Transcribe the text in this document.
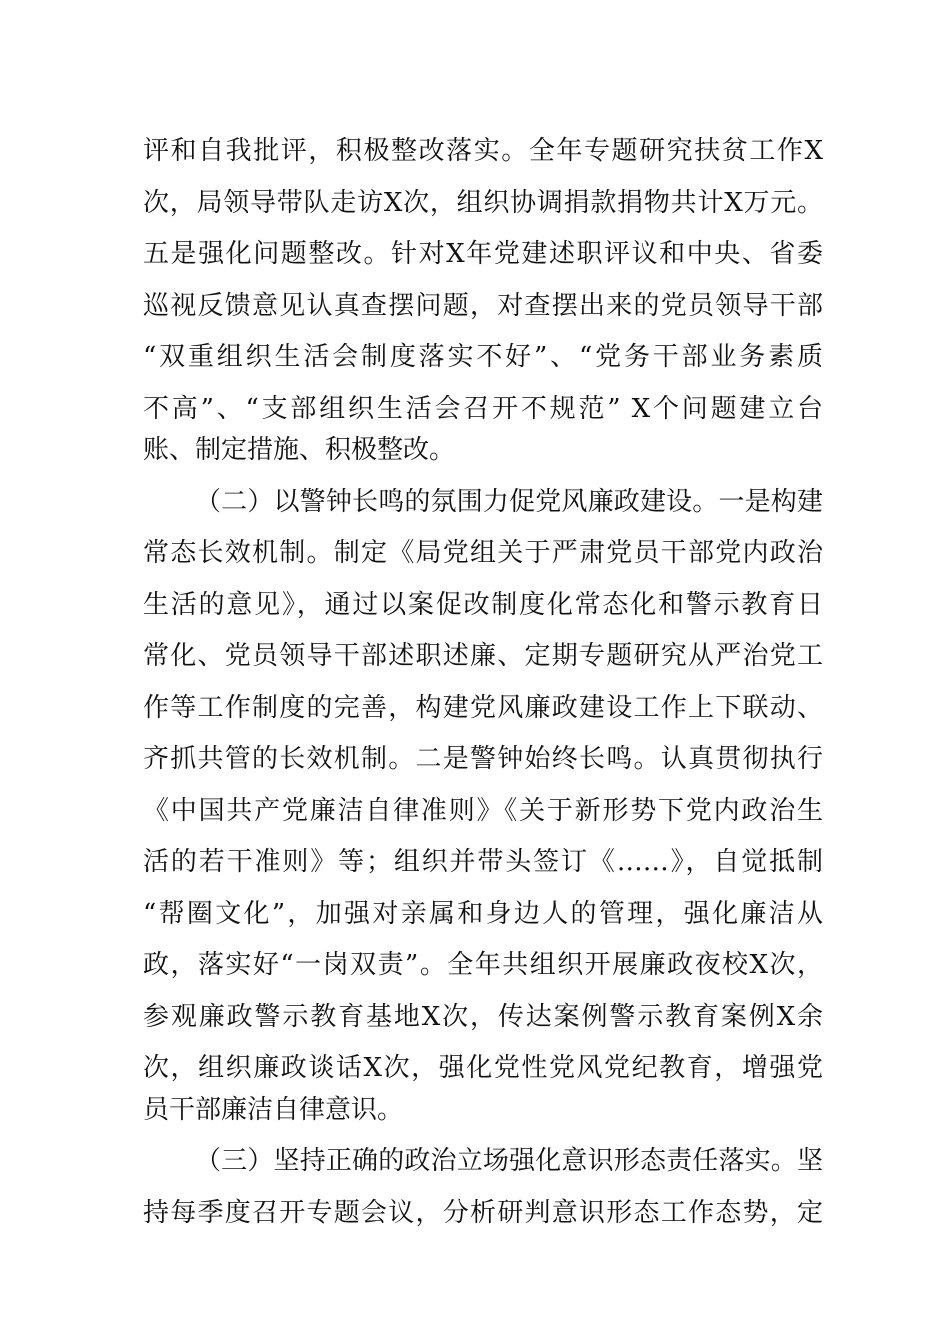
评和自我批评，积极整改落实。全年专题研究扶贫工作X
次，局领导带队走访X次，组织协调捐款捐物共计X万元。
五是强化问题整改。针对X年党建述职评议和中央、省委
巡视反馈意见认真查摆问题，对查摆出来的党员领导干部
“双重组织生活会制度落实不好”、“党务干部业务素质
不高”、“支部组织生活会召开不规范” X个问题建立台
账、制定措施、积极整改。
（二）以警钟长鸣的氛围力促党风廉政建设。一是构建
常态长效机制。制定《局党组关于严肃党员干部党内政治
生活的意见》，通过以案促改制度化常态化和警示教育日
常化、党员领导干部述职述廉、定期专题研究从严治党工
作等工作制度的完善，构建党风廉政建设工作上下联动、
齐抓共管的长效机制。二是警钟始终长鸣。认真贯彻执行
《中国共产党廉洁自律准则》《关于新形势下党内政治生
活的若干准则》等；组织并带头签订《……》，自觉抵制
“帮圈文化”，加强对亲属和身边人的管理，强化廉洁从
政，落实好“一岗双责”。全年共组织开展廉政夜校X次，
参观廉政警示教育基地X次，传达案例警示教育案例X余
次，组织廉政谈话X次，强化党性党风党纪教育，增强党
员干部廉洁自律意识。
（三）坚持正确的政治立场强化意识形态责任落实。坚
持每季度召开专题会议，分析研判意识形态工作态势，定
